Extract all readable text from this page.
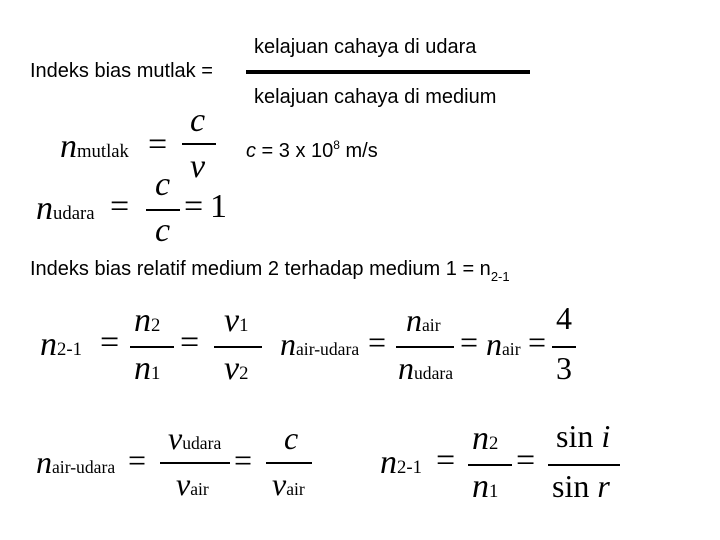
Indeks bias mutlak =
kelajuan cahaya di udara
kelajuan cahaya di medium
nmutlak =
c
v c = 3 x $10^8$ m/s
nudara =
c
c
= 1
Indeks bias relatif medium 2 terhadap medium $1 = n_{2-1}$
n2-1 =
n2
n1
=
v1
v2
nair-udara =
nair
nudara
= nair =
4
3
nair-udara =
vudara
vair
=
c
vair
n2-1 =
n2
n1
=
sin i
sin r
